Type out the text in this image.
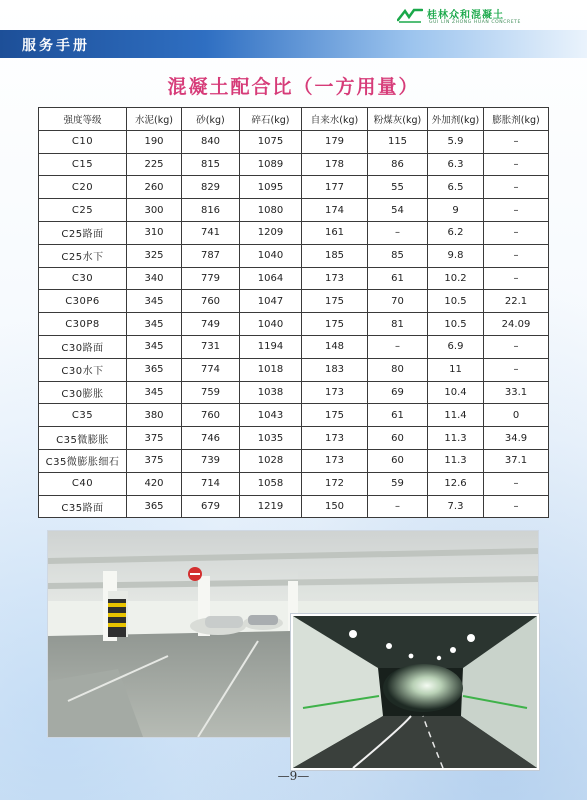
服务手册
桂林众和混凝土
GUI LIN ZHONG HUAN CONCRETE
混凝土配合比（一方用量）
强度等级	水泥(kg)	砂(kg)	碎石(kg)	自来水(kg)	粉煤灰(kg)	外加剂(kg)	膨胀剂(kg)
C10	190	840	1075	179	115	5.9	–
C15	225	815	1089	178	86	6.3	–
C20	260	829	1095	177	55	6.5	–
C25	300	816	1080	174	54	9	–
C25路面	310	741	1209	161	–	6.2	–
C25水下	325	787	1040	185	85	9.8	–
C30	340	779	1064	173	61	10.2	–
C30P6	345	760	1047	175	70	10.5	22.1
C30P8	345	749	1040	175	81	10.5	24.09
C30路面	345	731	1194	148	–	6.9	–
C30水下	365	774	1018	183	80	11	–
C30膨胀	345	759	1038	173	69	10.4	33.1
C35	380	760	1043	175	61	11.4	0
C35微膨胀	375	746	1035	173	60	11.3	34.9
C35微膨胀细石	375	739	1028	173	60	11.3	37.1
C40	420	714	1058	172	59	12.6	–
C35路面	365	679	1219	150	–	7.3	–
—9—
